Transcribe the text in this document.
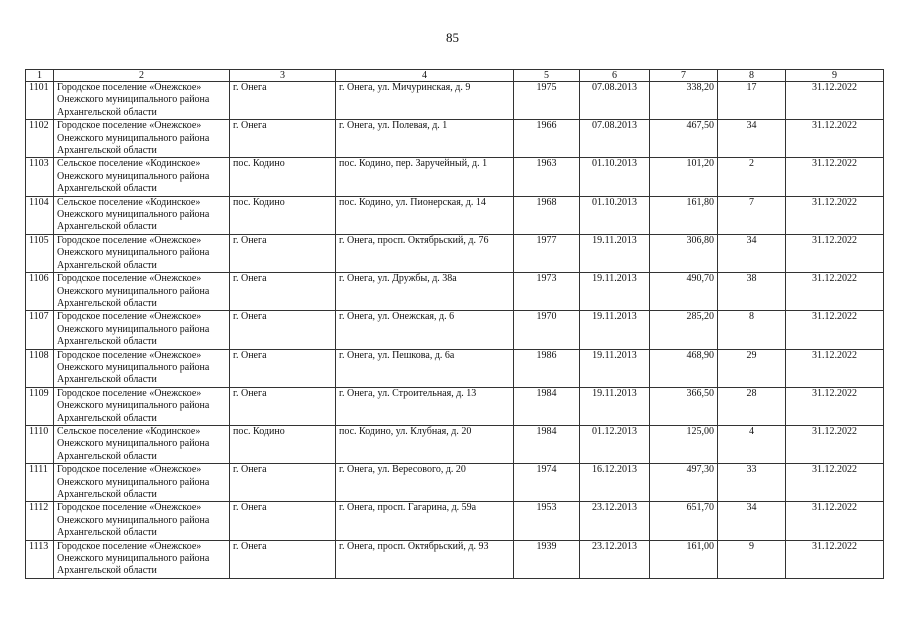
85
1	2	3	4	5	6	7	8	9
1101	Городское поселение «Онежское»
Онежского муниципального района
Архангельской области	г. Онега	г. Онега, ул. Мичуринская, д. 9	1975	07.08.2013	338,20	17	31.12.2022
1102	Городское поселение «Онежское»
Онежского муниципального района
Архангельской области	г. Онега	г. Онега, ул. Полевая, д. 1	1966	07.08.2013	467,50	34	31.12.2022
1103	Сельское поселение «Кодинское»
Онежского муниципального района
Архангельской области	пос. Кодино	пос. Кодино, пер. Заручейный, д. 1	1963	01.10.2013	101,20	2	31.12.2022
1104	Сельское поселение «Кодинское»
Онежского муниципального района
Архангельской области	пос. Кодино	пос. Кодино, ул. Пионерская, д. 14	1968	01.10.2013	161,80	7	31.12.2022
1105	Городское поселение «Онежское»
Онежского муниципального района
Архангельской области	г. Онега	г. Онега, просп. Октябрьский, д. 76	1977	19.11.2013	306,80	34	31.12.2022
1106	Городское поселение «Онежское»
Онежского муниципального района
Архангельской области	г. Онега	г. Онега, ул. Дружбы, д. 38а	1973	19.11.2013	490,70	38	31.12.2022
1107	Городское поселение «Онежское»
Онежского муниципального района
Архангельской области	г. Онега	г. Онега, ул. Онежская, д. 6	1970	19.11.2013	285,20	8	31.12.2022
1108	Городское поселение «Онежское»
Онежского муниципального района
Архангельской области	г. Онега	г. Онега, ул. Пешкова, д. 6а	1986	19.11.2013	468,90	29	31.12.2022
1109	Городское поселение «Онежское»
Онежского муниципального района
Архангельской области	г. Онега	г. Онега, ул. Строительная, д. 13	1984	19.11.2013	366,50	28	31.12.2022
1110	Сельское поселение «Кодинское»
Онежского муниципального района
Архангельской области	пос. Кодино	пос. Кодино, ул. Клубная, д. 20	1984	01.12.2013	125,00	4	31.12.2022
1111	Городское поселение «Онежское»
Онежского муниципального района
Архангельской области	г. Онега	г. Онега, ул. Вересового, д. 20	1974	16.12.2013	497,30	33	31.12.2022
1112	Городское поселение «Онежское»
Онежского муниципального района
Архангельской области	г. Онега	г. Онега, просп. Гагарина, д. 59а	1953	23.12.2013	651,70	34	31.12.2022
1113	Городское поселение «Онежское»
Онежского муниципального района
Архангельской области	г. Онега	г. Онега, просп. Октябрьский, д. 93	1939	23.12.2013	161,00	9	31.12.2022
